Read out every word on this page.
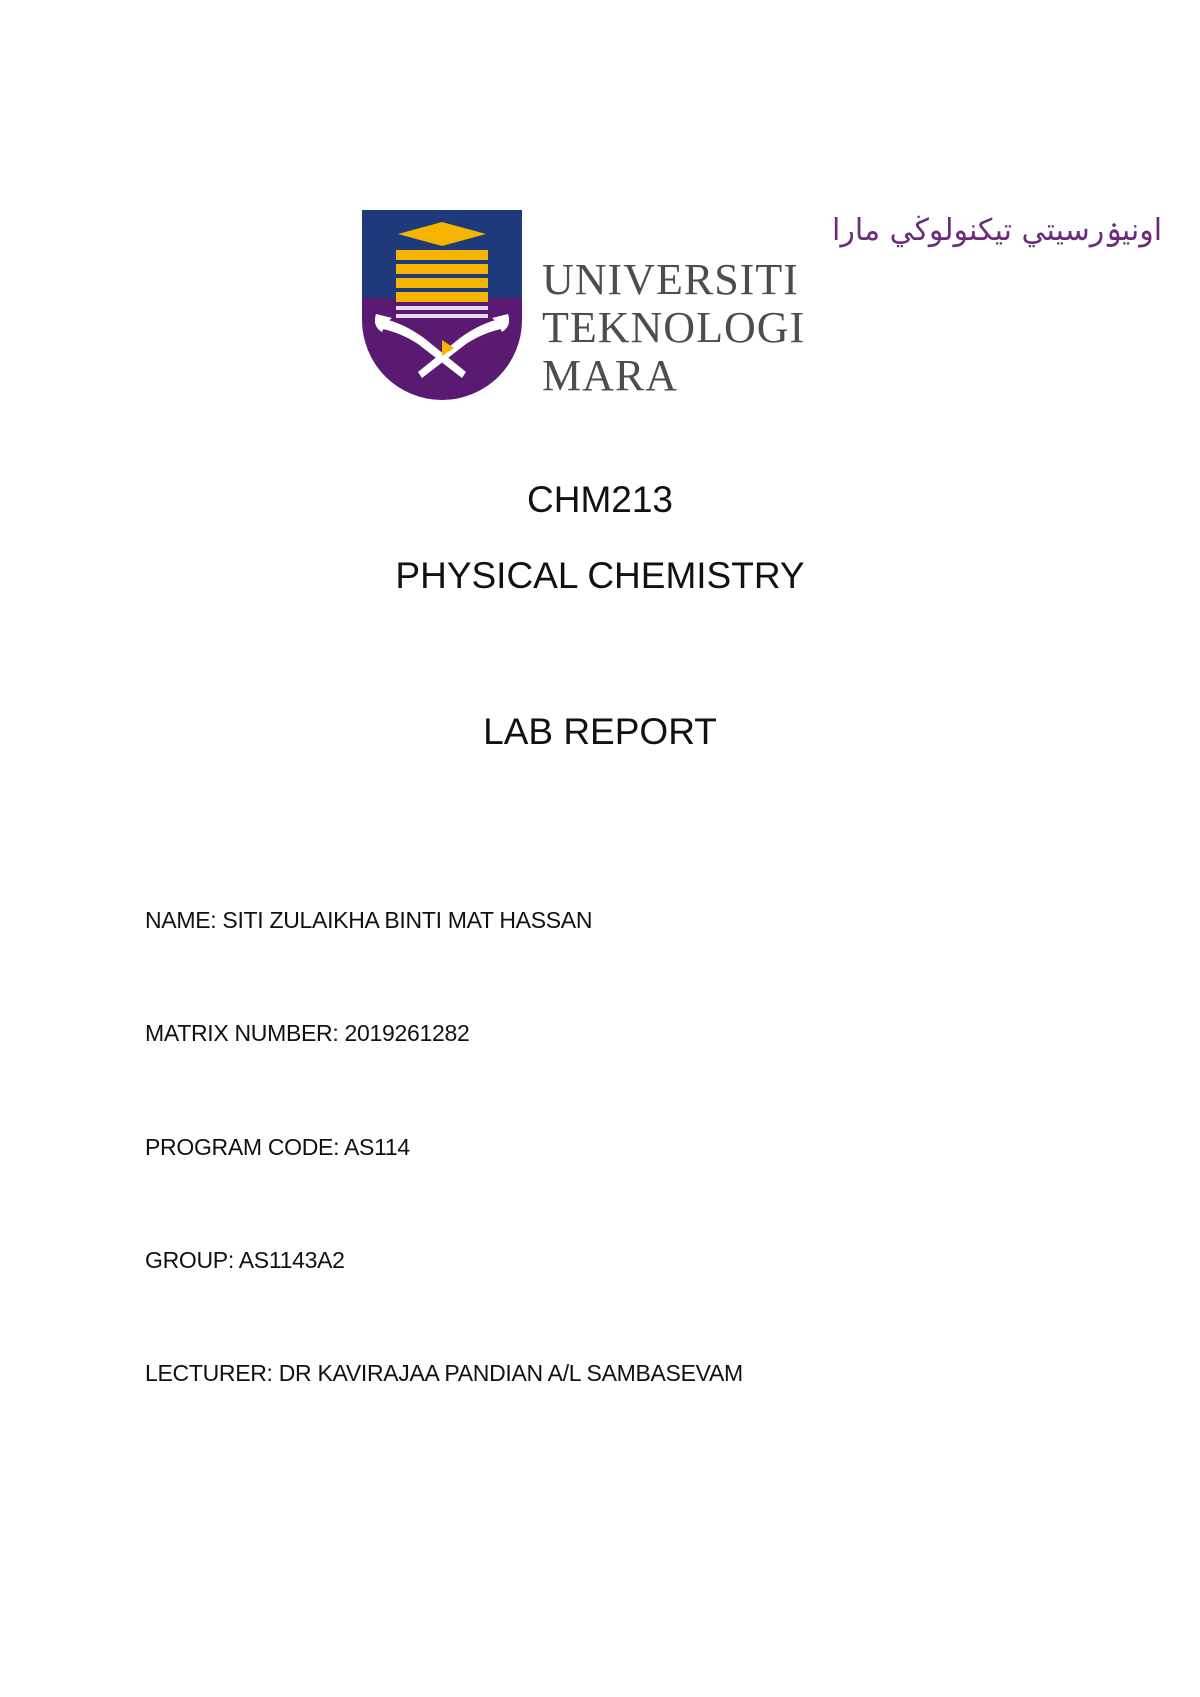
اونيۏرسيتي تيكنولوڬي مارا
UNIVERSITI
TEKNOLOGI
MARA
CHM213
PHYSICAL CHEMISTRY
LAB REPORT
NAME: SITI ZULAIKHA BINTI MAT HASSAN
MATRIX NUMBER: 2019261282
PROGRAM CODE: AS114
GROUP: AS1143A2
LECTURER: DR KAVIRAJAA PANDIAN A/L SAMBASEVAM
